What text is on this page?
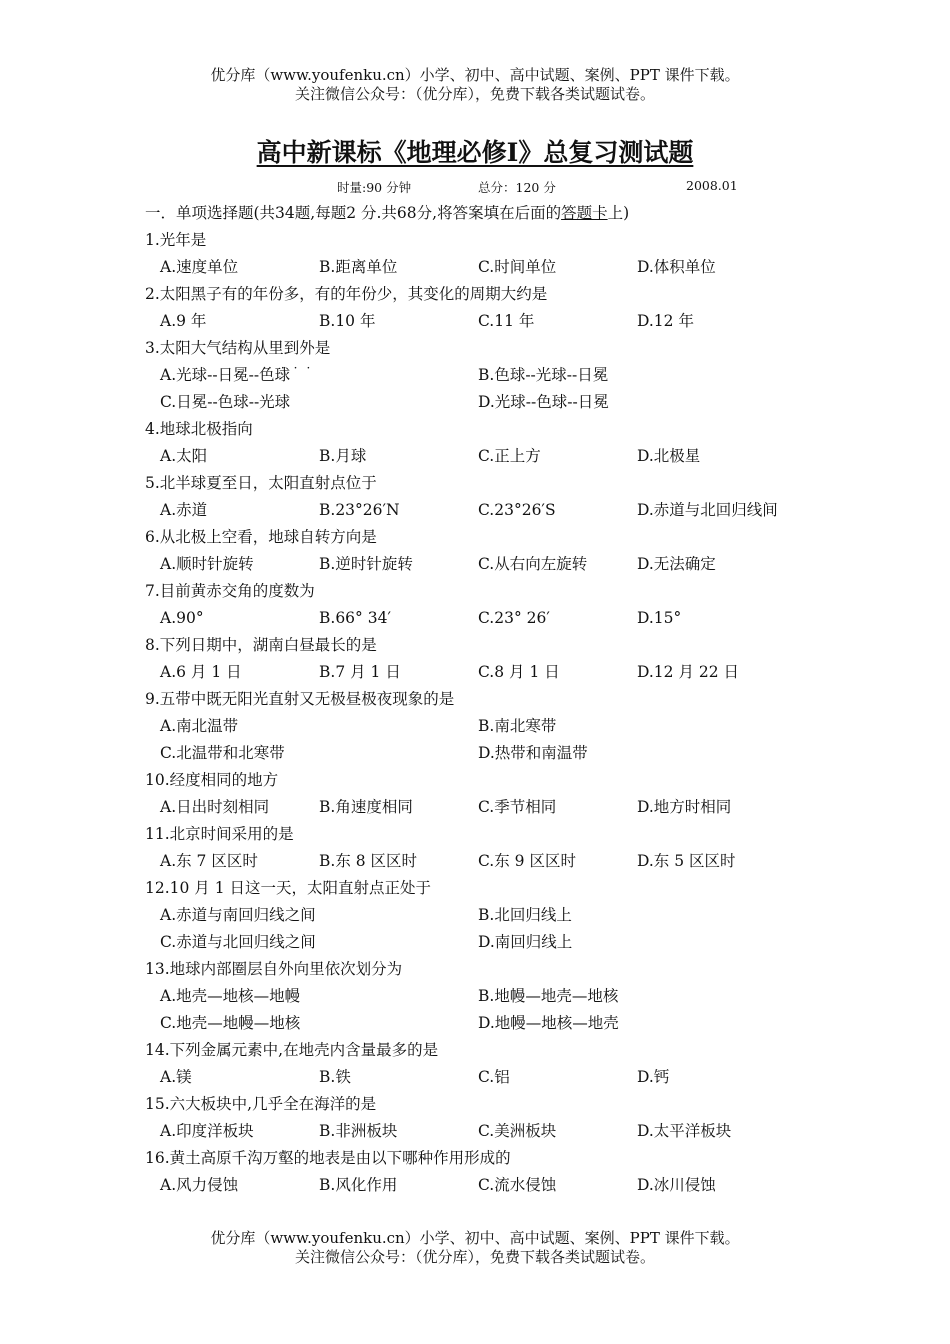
优分库（www.youfenku.cn）小学、初中、高中试题、案例、PPT 课件下载。
关注微信公众号：（优分库），免费下载各类试题试卷。
高中新课标《地理必修Ⅰ》总复习测试题
时量:90 分钟	总分：120 分	2008.01
一．单项选择题(共34题,每题2 分.共68分,将答案填在后面的答题卡上)
····
1.光年是
A.速度单位	B.距离单位	C.时间单位	D.体积单位
2.太阳黑子有的年份多，有的年份少，其变化的周期大约是
A.9 年	B.10 年	C.11 年	D.12 年
3.太阳大气结构从里到外是
A.光球--日冕--色球	B.色球--光球--日冕
C.日冕--色球--光球	D.光球--色球--日冕
4.地球北极指向
A.太阳	B.月球	C.正上方	D.北极星
5.北半球夏至日，太阳直射点位于
A.赤道	B.23°26′N	C.23°26′S	D.赤道与北回归线间
6.从北极上空看，地球自转方向是
A.顺时针旋转	B.逆时针旋转	C.从右向左旋转	D.无法确定
7.目前黄赤交角的度数为
A.90°	B.66° 34′	C.23° 26′	D.15°
8.下列日期中，湖南白昼最长的是
A.6 月 1 日	B.7 月 1 日	C.8 月 1 日	D.12 月 22 日
9.五带中既无阳光直射又无极昼极夜现象的是
A.南北温带	B.南北寒带
C.北温带和北寒带	D.热带和南温带
10.经度相同的地方
A.日出时刻相同	B.角速度相同	C.季节相同	D.地方时相同
11.北京时间采用的是
A.东 7 区区时	B.东 8 区区时	C.东 9 区区时	D.东 5 区区时
12.10 月 1 日这一天，太阳直射点正处于
A.赤道与南回归线之间	B.北回归线上
C.赤道与北回归线之间	D.南回归线上
13.地球内部圈层自外向里依次划分为
A.地壳—地核—地幔	B.地幔—地壳—地核
C.地壳—地幔—地核	D.地幔—地核—地壳
14.下列金属元素中,在地壳内含量最多的是
A.镁	B.铁	C.铝	D.钙
15.六大板块中,几乎全在海洋的是
A.印度洋板块	B.非洲板块	C.美洲板块	D.太平洋板块
16.黄土高原千沟万壑的地表是由以下哪种作用形成的
A.风力侵蚀	B.风化作用	C.流水侵蚀	D.冰川侵蚀
优分库（www.youfenku.cn）小学、初中、高中试题、案例、PPT 课件下载。
关注微信公众号：（优分库），免费下载各类试题试卷。
